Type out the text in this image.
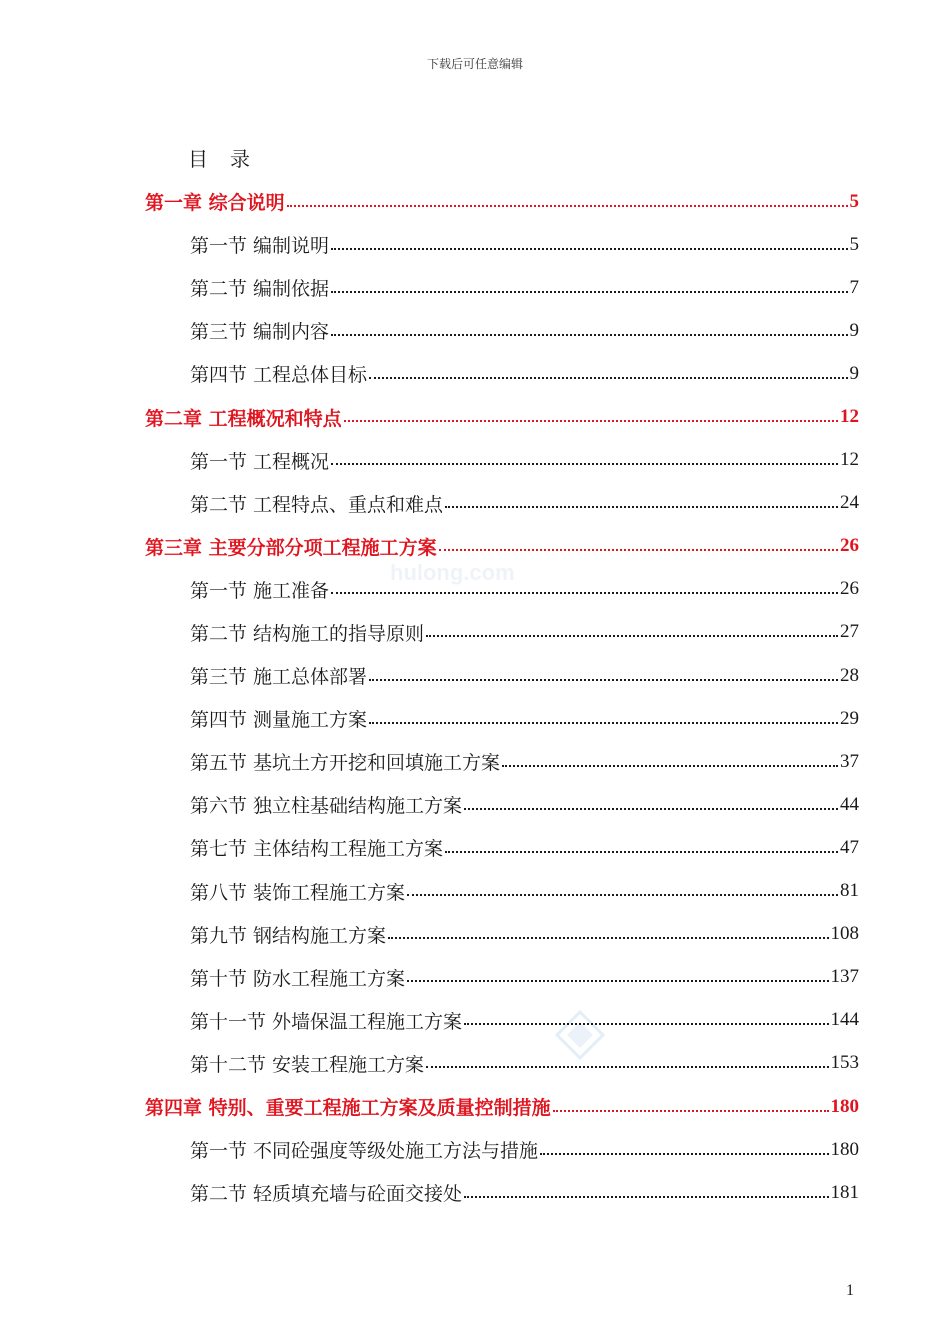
下载后可任意编辑
目录
hulong.com
第一章 综合说明	5
第一节 编制说明	5
第二节 编制依据	7
第三节 编制内容	9
第四节 工程总体目标	9
第二章 工程概况和特点	12
第一节 工程概况	12
第二节 工程特点、重点和难点	24
第三章 主要分部分项工程施工方案	26
第一节 施工准备	26
第二节 结构施工的指导原则	27
第三节 施工总体部署	28
第四节 测量施工方案	29
第五节 基坑土方开挖和回填施工方案	37
第六节 独立柱基础结构施工方案	44
第七节 主体结构工程施工方案	47
第八节 装饰工程施工方案	81
第九节 钢结构施工方案	108
第十节 防水工程施工方案	137
第十一节 外墙保温工程施工方案	144
第十二节 安装工程施工方案	153
第四章 特别、重要工程施工方案及质量控制措施	180
第一节 不同砼强度等级处施工方法与措施	180
第二节 轻质填充墙与砼面交接处	181
1
